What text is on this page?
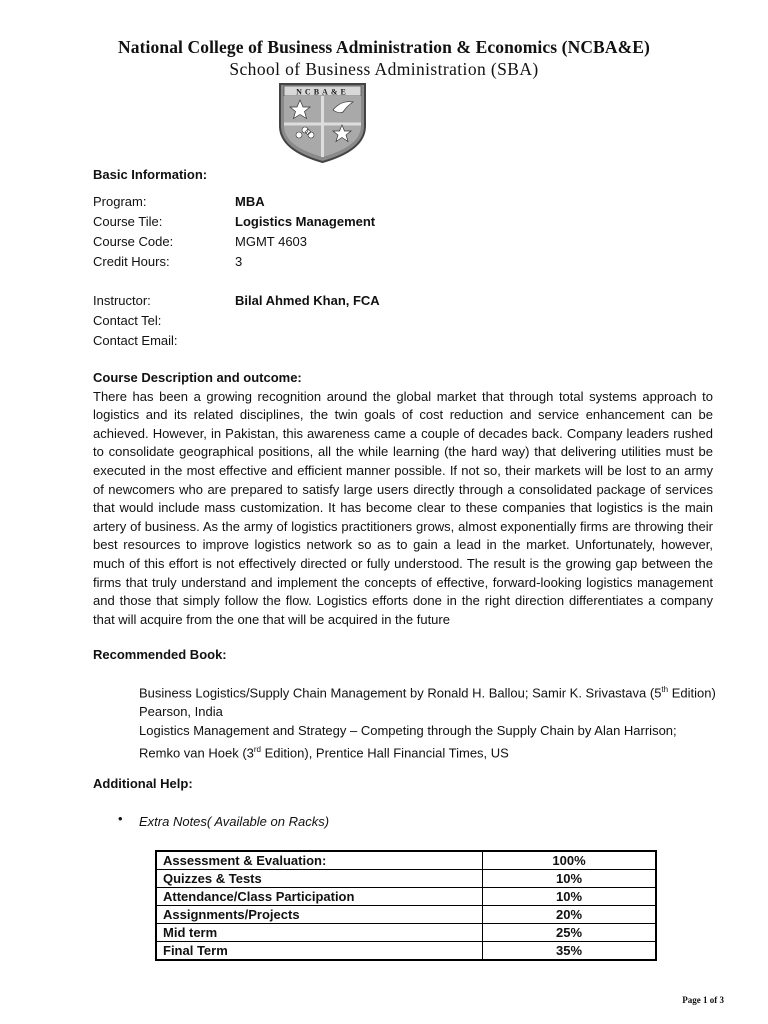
National College of Business Administration & Economics (NCBA&E)
School of Business Administration (SBA)
NCBA&E
Basic Information:
Program:	MBA
Course Tile:	Logistics Management
Course Code:	MGMT 4603
Credit Hours:	3
Instructor:	Bilal Ahmed Khan, FCA
Contact Tel:
Contact Email:

Course Description and outcome:

There has been a growing recognition around the global market that through total systems approach to logistics and its related disciplines, the twin goals of cost reduction and service enhancement can be achieved. However, in Pakistan, this awareness came a couple of decades back. Company leaders rushed to consolidate geographical positions, all the while learning (the hard way) that delivering utilities must be executed in the most effective and efficient manner possible. If not so, their markets will be lost to an army of newcomers who are prepared to satisfy large users directly through a consolidated package of services that would include mass customization. It has become clear to these companies that logistics is the main artery of business. As the army of logistics practitioners grows, almost exponentially firms are throwing their best resources to improve logistics network so as to gain a lead in the market. Unfortunately, however, much of this effort is not effectively directed or fully understood. The result is the growing gap between the firms that truly understand and implement the concepts of effective, forward-looking logistics management and those that simply follow the flow. Logistics efforts done in the right direction differentiates a company that will acquire from the one that will be acquired in the future

Recommended Book:

Business Logistics/Supply Chain Management by Ronald H. Ballou; Samir K. Srivastava (5th Edition) Pearson, India

Logistics Management and Strategy – Competing through the Supply Chain by Alan Harrison; Remko van Hoek (3rd Edition), Prentice Hall Financial Times, US

Additional Help:
• Extra Notes( Available on Racks)
Assessment & Evaluation:	100%
Quizzes & Tests	10%
Attendance/Class Participation	10%
Assignments/Projects	20%
Mid term	25%
Final Term	35%
Page 1 of 3
